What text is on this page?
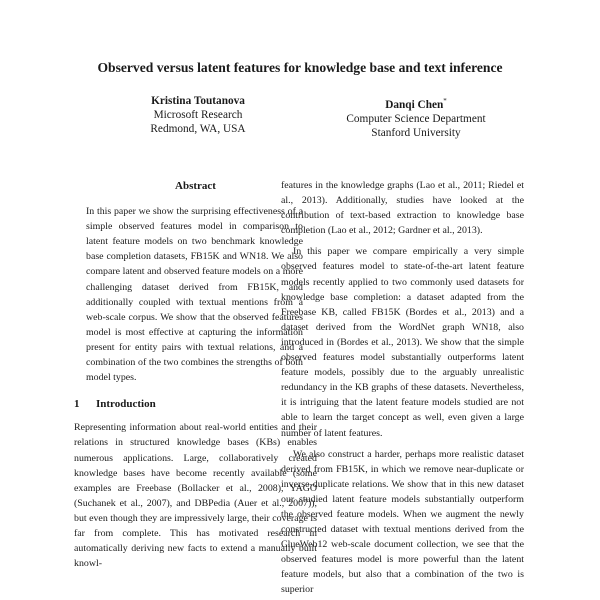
Observed versus latent features for knowledge base and text inference
Kristina Toutanova
Microsoft Research
Redmond, WA, USA
Danqi Chen*
Computer Science Department
Stanford University
Abstract

In this paper we show the surprising effectiveness of a simple observed features model in comparison to latent feature models on two benchmark knowledge base completion datasets, FB15K and WN18. We also compare latent and observed feature models on a more challenging dataset derived from FB15K, and additionally coupled with textual mentions from a web-scale corpus. We show that the observed features model is most effective at capturing the information present for entity pairs with textual relations, and a combination of the two combines the strengths of both model types.

1 Introduction

Representing information about real-world entities and their relations in structured knowledge bases (KBs) enables numerous applications. Large, collaboratively created knowledge bases have become recently available (some examples are Freebase (Bollacker et al., 2008), YAGO (Suchanek et al., 2007), and DBPedia (Auer et al., 2007)), but even though they are impressively large, their coverage is far from complete. This has motivated research in automatically deriving new facts to extend a manually built knowl-

features in the knowledge graphs (Lao et al., 2011; Riedel et al., 2013). Additionally, studies have looked at the contribution of text-based extraction to knowledge base completion (Lao et al., 2012; Gardner et al., 2013).

In this paper we compare empirically a very simple observed features model to state-of-the-art latent feature models recently applied to two commonly used datasets for knowledge base completion: a dataset adapted from the Freebase KB, called FB15K (Bordes et al., 2013) and a dataset derived from the WordNet graph WN18, also introduced in (Bordes et al., 2013). We show that the simple observed features model substantially outperforms latent feature models, possibly due to the arguably unrealistic redundancy in the KB graphs of these datasets. Nevertheless, it is intriguing that the latent feature models studied are not able to learn the target concept as well, even given a large number of latent features.

We also construct a harder, perhaps more realistic dataset derived from FB15K, in which we remove near-duplicate or inverse-duplicate relations. We show that in this new dataset our studied latent feature models substantially outperform the observed feature models. When we augment the newly constructed dataset with textual mentions derived from the ClueWeb12 web-scale document collection, we see that the observed features model is more powerful than the latent feature models, but also that a combination of the two is superior
